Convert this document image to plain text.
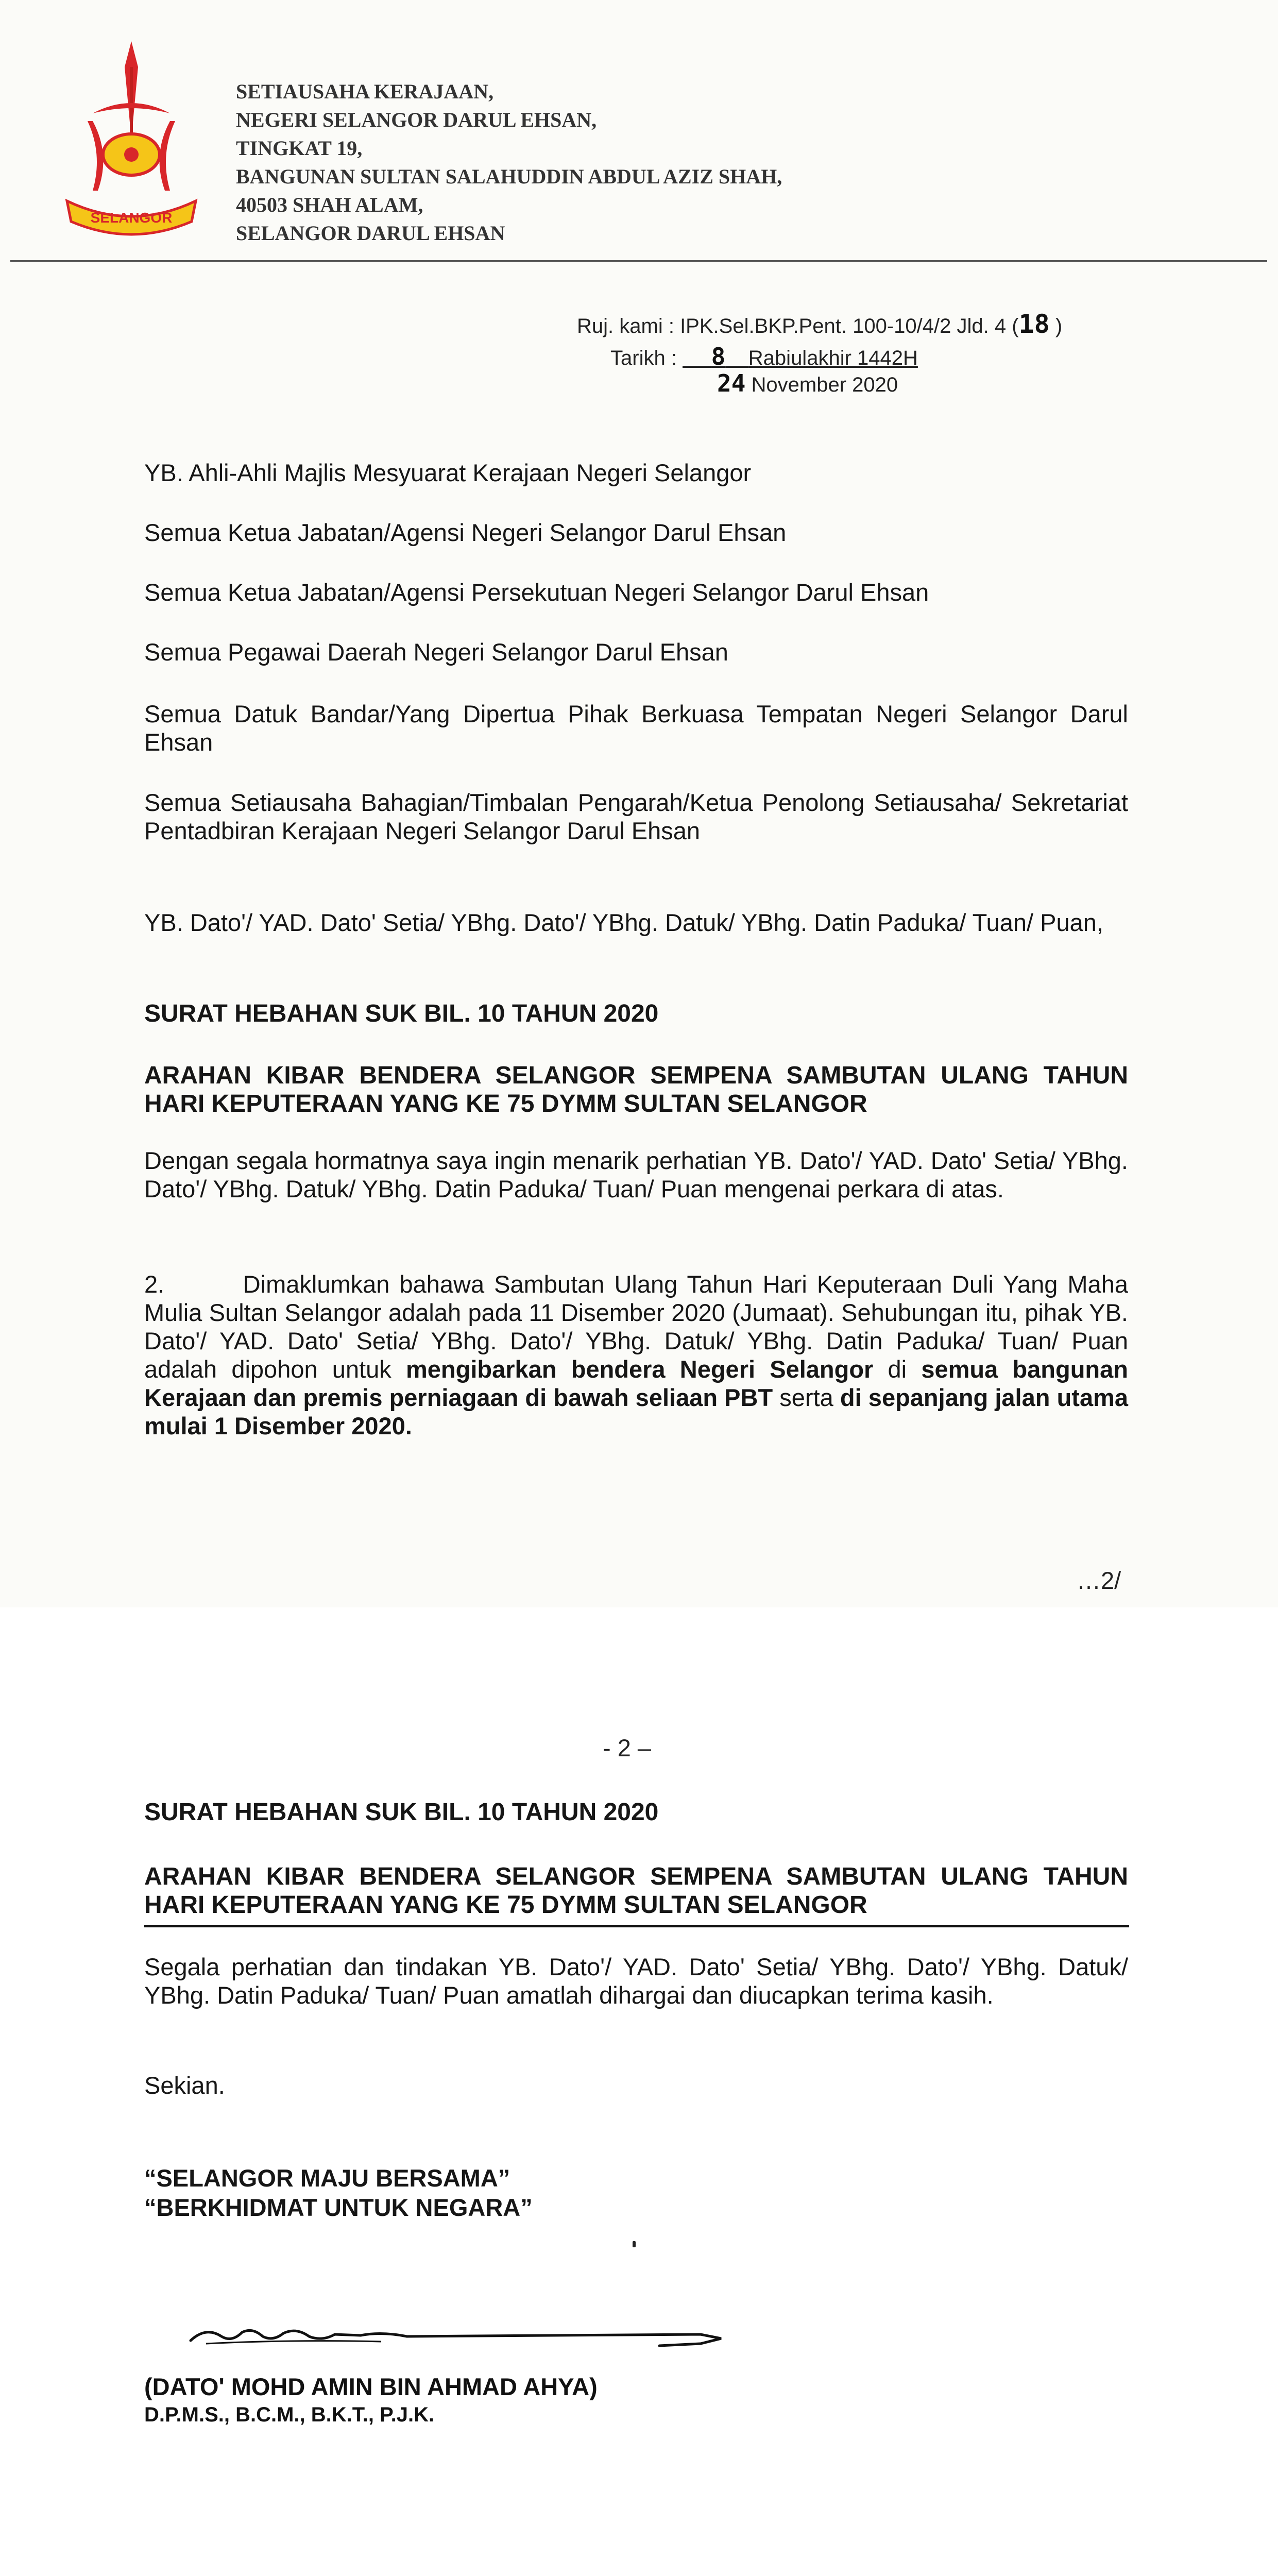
SELANGOR
SETIAUSAHA KERAJAAN,
NEGERI SELANGOR DARUL EHSAN,
TINGKAT 19,
BANGUNAN SULTAN SALAHUDDIN ABDUL AZIZ SHAH,
40503 SHAH ALAM,
SELANGOR DARUL EHSAN
Ruj. kami : IPK.Sel.BKP.Pent. 100-10/4/2 Jld. 4 (18 )
Tarikh : 8 Rabiulakhir 1442H
24 November 2020
YB. Ahli-Ahli Majlis Mesyuarat Kerajaan Negeri Selangor
Semua Ketua Jabatan/Agensi Negeri Selangor Darul Ehsan
Semua Ketua Jabatan/Agensi Persekutuan Negeri Selangor Darul Ehsan
Semua Pegawai Daerah Negeri Selangor Darul Ehsan
Semua Datuk Bandar/Yang Dipertua Pihak Berkuasa Tempatan Negeri Selangor Darul Ehsan
Semua Setiausaha Bahagian/Timbalan Pengarah/Ketua Penolong Setiausaha/ Sekretariat Pentadbiran Kerajaan Negeri Selangor Darul Ehsan
YB. Dato'/ YAD. Dato' Setia/ YBhg. Dato'/ YBhg. Datuk/ YBhg. Datin Paduka/ Tuan/ Puan,
SURAT HEBAHAN SUK BIL. 10 TAHUN 2020
ARAHAN KIBAR BENDERA SELANGOR SEMPENA SAMBUTAN ULANG TAHUN HARI KEPUTERAAN YANG KE 75 DYMM SULTAN SELANGOR
Dengan segala hormatnya saya ingin menarik perhatian YB. Dato'/ YAD. Dato' Setia/ YBhg. Dato'/ YBhg. Datuk/ YBhg. Datin Paduka/ Tuan/ Puan mengenai perkara di atas.
2.	Dimaklumkan bahawa Sambutan Ulang Tahun Hari Keputeraan Duli Yang Maha Mulia Sultan Selangor adalah pada 11 Disember 2020 (Jumaat). Sehubungan itu, pihak YB. Dato'/ YAD. Dato' Setia/ YBhg. Dato'/ YBhg. Datuk/ YBhg. Datin Paduka/ Tuan/ Puan adalah dipohon untuk mengibarkan bendera Negeri Selangor di semua bangunan Kerajaan dan premis perniagaan di bawah seliaan PBT serta di sepanjang jalan utama mulai 1 Disember 2020.
…2/
- 2 –
SURAT HEBAHAN SUK BIL. 10 TAHUN 2020
ARAHAN KIBAR BENDERA SELANGOR SEMPENA SAMBUTAN ULANG TAHUN HARI KEPUTERAAN YANG KE 75 DYMM SULTAN SELANGOR
Segala perhatian dan tindakan YB. Dato'/ YAD. Dato' Setia/ YBhg. Dato'/ YBhg. Datuk/ YBhg. Datin Paduka/ Tuan/ Puan amatlah dihargai dan diucapkan terima kasih.
Sekian.
“SELANGOR MAJU BERSAMA”
“BERKHIDMAT UNTUK NEGARA”
(DATO' MOHD AMIN BIN AHMAD AHYA)
D.P.M.S., B.C.M., B.K.T., P.J.K.
